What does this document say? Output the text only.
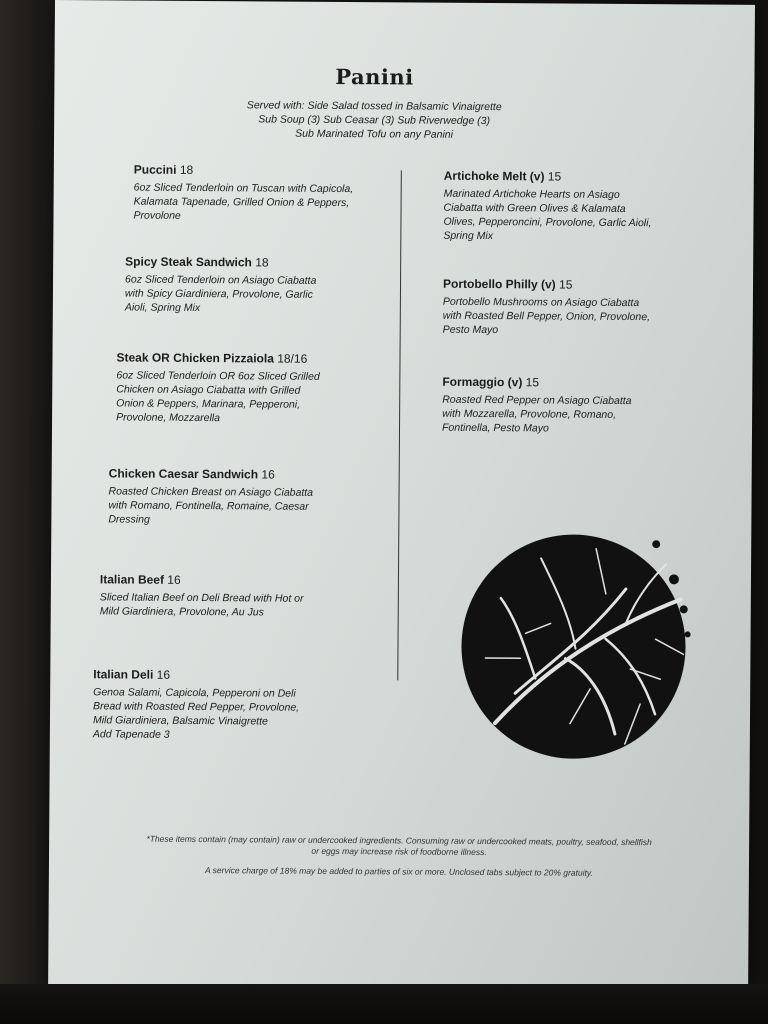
Panini
Served with: Side Salad tossed in Balsamic Vinaigrette
Sub Soup (3) Sub Ceasar (3) Sub Riverwedge (3)
Sub Marinated Tofu on any Panini
Puccini 18
6oz Sliced Tenderloin on Tuscan with Capicola,
Kalamata Tapenade, Grilled Onion & Peppers,
Provolone
Spicy Steak Sandwich 18
6oz Sliced Tenderloin on Asiago Ciabatta
with Spicy Giardiniera, Provolone, Garlic
Aioli, Spring Mix
Steak OR Chicken Pizzaiola 18/16
6oz Sliced Tenderloin OR 6oz Sliced Grilled
Chicken on Asiago Ciabatta with Grilled
Onion & Peppers, Marinara, Pepperoni,
Provolone, Mozzarella
Chicken Caesar Sandwich 16
Roasted Chicken Breast on Asiago Ciabatta
with Romano, Fontinella, Romaine, Caesar
Dressing
Italian Beef 16
Sliced Italian Beef on Deli Bread with Hot or
Mild Giardiniera, Provolone, Au Jus
Italian Deli 16
Genoa Salami, Capicola, Pepperoni on Deli
Bread with Roasted Red Pepper, Provolone,
Mild Giardiniera, Balsamic Vinaigrette
Add Tapenade 3
Artichoke Melt (v) 15
Marinated Artichoke Hearts on Asiago
Ciabatta with Green Olives & Kalamata
Olives, Pepperoncini, Provolone, Garlic Aioli,
Spring Mix
Portobello Philly (v) 15
Portobello Mushrooms on Asiago Ciabatta
with Roasted Bell Pepper, Onion, Provolone,
Pesto Mayo
Formaggio (v) 15
Roasted Red Pepper on Asiago Ciabatta
with Mozzarella, Provolone, Romano,
Fontinella, Pesto Mayo
*These items contain (may contain) raw or undercooked ingredients. Consuming raw or undercooked meats, poultry, seafood, shellfish
or eggs may increase risk of foodborne illness.
A service charge of 18% may be added to parties of six or more. Unclosed tabs subject to 20% gratuity.
